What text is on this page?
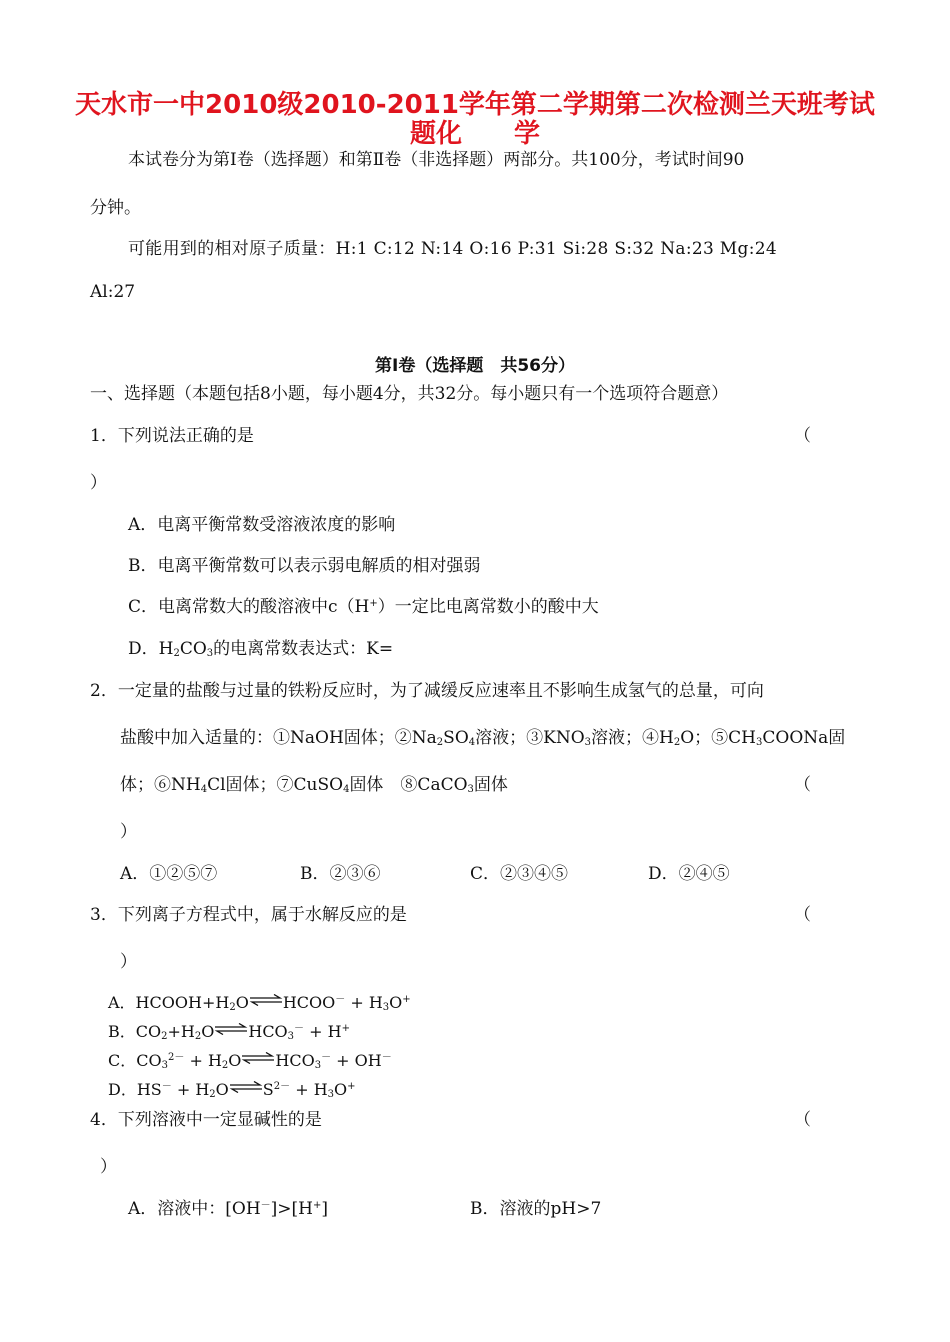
天水市一中2010级2010-2011学年第二学期第二次检测兰天班考试
题化　　学
本试卷分为第Ⅰ卷（选择题）和第Ⅱ卷（非选择题）两部分。共100分，考试时间90
分钟。
可能用到的相对原子质量：H:1 C:12 N:14 O:16 P:31 Si:28 S:32 Na:23 Mg:24
Al:27
第Ⅰ卷（选择题　共56分）
一、选择题（本题包括8小题，每小题4分，共32分。每小题只有一个选项符合题意）
1．下列说法正确的是	（
）
A．电离平衡常数受溶液浓度的影响
B．电离平衡常数可以表示弱电解质的相对强弱
C．电离常数大的酸溶液中c（H+）一定比电离常数小的酸中大
D．$H_2CO_3$的电离常数表达式：K=
2．一定量的盐酸与过量的铁粉反应时，为了减缓反应速率且不影响生成氢气的总量，可向
盐酸中加入适量的：①NaOH固体；$②Na_2SO_4$溶液；$③KNO_3$溶液；$④H_2O$；$⑤CH_3COONa$固
体；$⑥NH_4Cl$固体；⑦CuSO$_4$固体　⑧CaCO$_3$固体	（
）
A．①②⑤⑦	B．②③⑥	C．②③④⑤	D．②④⑤
3．下列离子方程式中，属于水解反应的是	（
）
A．$HCOOH+H_2O\rightleftharpoons HCOO^- + H_3O^+$
B．$CO_2+H_2O\rightleftharpoons HCO_3^- + H^+$
C．$CO_3^{2-}$ + $H_2O\rightleftharpoons HCO_3^- + OH^-$
D．$HS^- + H_2O\rightleftharpoons S^{2-} + H_3O^+$
4．下列溶液中一定显碱性的是	（
）
A．溶液中：[OH－]>[H+]	B．溶液的pH>7
